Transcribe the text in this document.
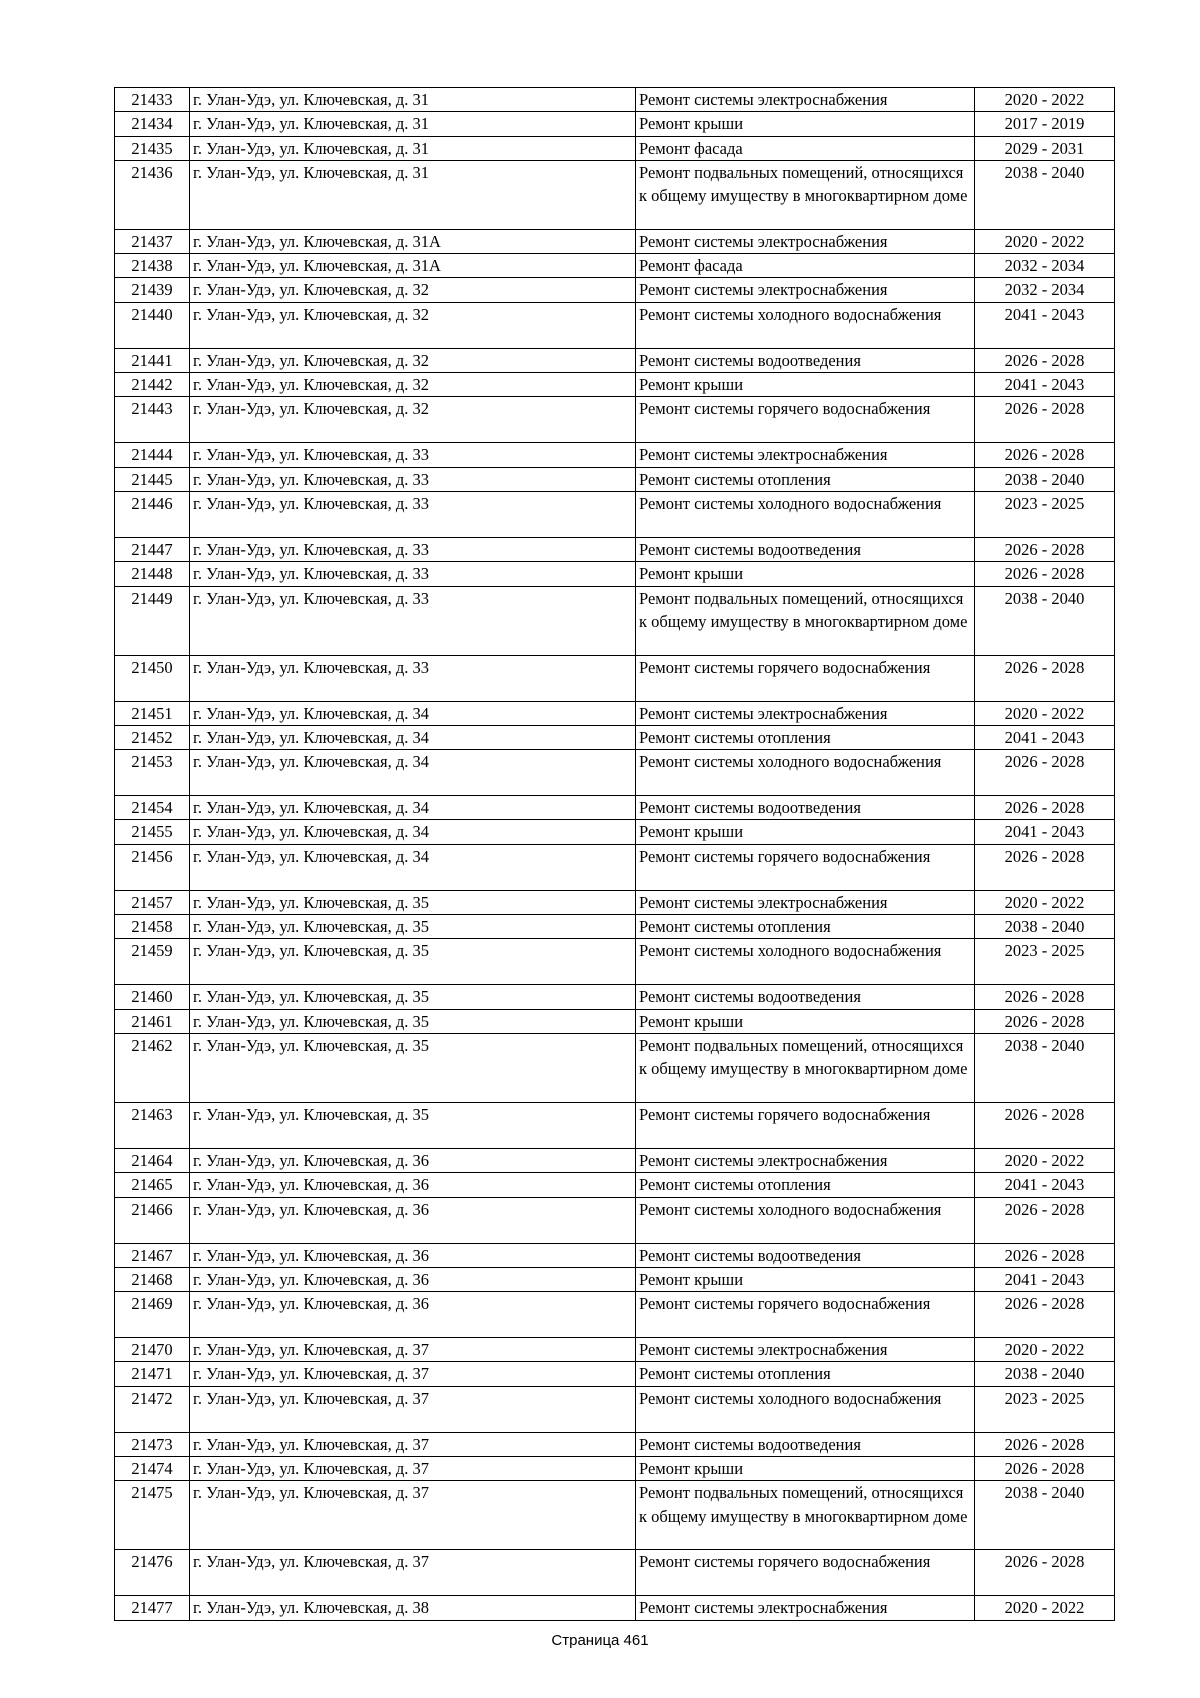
21433	г. Улан-Удэ, ул. Ключевская, д. 31	Ремонт системы электроснабжения	2020 - 2022
21434	г. Улан-Удэ, ул. Ключевская, д. 31	Ремонт крыши	2017 - 2019
21435	г. Улан-Удэ, ул. Ключевская, д. 31	Ремонт фасада	2029 - 2031
21436	г. Улан-Удэ, ул. Ключевская, д. 31	Ремонт подвальных помещений, относящихся к общему имуществу в многоквартирном доме	2038 - 2040
21437	г. Улан-Удэ, ул. Ключевская, д. 31А	Ремонт системы электроснабжения	2020 - 2022
21438	г. Улан-Удэ, ул. Ключевская, д. 31А	Ремонт фасада	2032 - 2034
21439	г. Улан-Удэ, ул. Ключевская, д. 32	Ремонт системы электроснабжения	2032 - 2034
21440	г. Улан-Удэ, ул. Ключевская, д. 32	Ремонт системы холодного водоснабжения	2041 - 2043
21441	г. Улан-Удэ, ул. Ключевская, д. 32	Ремонт системы водоотведения	2026 - 2028
21442	г. Улан-Удэ, ул. Ключевская, д. 32	Ремонт крыши	2041 - 2043
21443	г. Улан-Удэ, ул. Ключевская, д. 32	Ремонт системы горячего водоснабжения	2026 - 2028
21444	г. Улан-Удэ, ул. Ключевская, д. 33	Ремонт системы электроснабжения	2026 - 2028
21445	г. Улан-Удэ, ул. Ключевская, д. 33	Ремонт системы отопления	2038 - 2040
21446	г. Улан-Удэ, ул. Ключевская, д. 33	Ремонт системы холодного водоснабжения	2023 - 2025
21447	г. Улан-Удэ, ул. Ключевская, д. 33	Ремонт системы водоотведения	2026 - 2028
21448	г. Улан-Удэ, ул. Ключевская, д. 33	Ремонт крыши	2026 - 2028
21449	г. Улан-Удэ, ул. Ключевская, д. 33	Ремонт подвальных помещений, относящихся к общему имуществу в многоквартирном доме	2038 - 2040
21450	г. Улан-Удэ, ул. Ключевская, д. 33	Ремонт системы горячего водоснабжения	2026 - 2028
21451	г. Улан-Удэ, ул. Ключевская, д. 34	Ремонт системы электроснабжения	2020 - 2022
21452	г. Улан-Удэ, ул. Ключевская, д. 34	Ремонт системы отопления	2041 - 2043
21453	г. Улан-Удэ, ул. Ключевская, д. 34	Ремонт системы холодного водоснабжения	2026 - 2028
21454	г. Улан-Удэ, ул. Ключевская, д. 34	Ремонт системы водоотведения	2026 - 2028
21455	г. Улан-Удэ, ул. Ключевская, д. 34	Ремонт крыши	2041 - 2043
21456	г. Улан-Удэ, ул. Ключевская, д. 34	Ремонт системы горячего водоснабжения	2026 - 2028
21457	г. Улан-Удэ, ул. Ключевская, д. 35	Ремонт системы электроснабжения	2020 - 2022
21458	г. Улан-Удэ, ул. Ключевская, д. 35	Ремонт системы отопления	2038 - 2040
21459	г. Улан-Удэ, ул. Ключевская, д. 35	Ремонт системы холодного водоснабжения	2023 - 2025
21460	г. Улан-Удэ, ул. Ключевская, д. 35	Ремонт системы водоотведения	2026 - 2028
21461	г. Улан-Удэ, ул. Ключевская, д. 35	Ремонт крыши	2026 - 2028
21462	г. Улан-Удэ, ул. Ключевская, д. 35	Ремонт подвальных помещений, относящихся к общему имуществу в многоквартирном доме	2038 - 2040
21463	г. Улан-Удэ, ул. Ключевская, д. 35	Ремонт системы горячего водоснабжения	2026 - 2028
21464	г. Улан-Удэ, ул. Ключевская, д. 36	Ремонт системы электроснабжения	2020 - 2022
21465	г. Улан-Удэ, ул. Ключевская, д. 36	Ремонт системы отопления	2041 - 2043
21466	г. Улан-Удэ, ул. Ключевская, д. 36	Ремонт системы холодного водоснабжения	2026 - 2028
21467	г. Улан-Удэ, ул. Ключевская, д. 36	Ремонт системы водоотведения	2026 - 2028
21468	г. Улан-Удэ, ул. Ключевская, д. 36	Ремонт крыши	2041 - 2043
21469	г. Улан-Удэ, ул. Ключевская, д. 36	Ремонт системы горячего водоснабжения	2026 - 2028
21470	г. Улан-Удэ, ул. Ключевская, д. 37	Ремонт системы электроснабжения	2020 - 2022
21471	г. Улан-Удэ, ул. Ключевская, д. 37	Ремонт системы отопления	2038 - 2040
21472	г. Улан-Удэ, ул. Ключевская, д. 37	Ремонт системы холодного водоснабжения	2023 - 2025
21473	г. Улан-Удэ, ул. Ключевская, д. 37	Ремонт системы водоотведения	2026 - 2028
21474	г. Улан-Удэ, ул. Ключевская, д. 37	Ремонт крыши	2026 - 2028
21475	г. Улан-Удэ, ул. Ключевская, д. 37	Ремонт подвальных помещений, относящихся к общему имуществу в многоквартирном доме	2038 - 2040
21476	г. Улан-Удэ, ул. Ключевская, д. 37	Ремонт системы горячего водоснабжения	2026 - 2028
21477	г. Улан-Удэ, ул. Ключевская, д. 38	Ремонт системы электроснабжения	2020 - 2022
Страница 461
